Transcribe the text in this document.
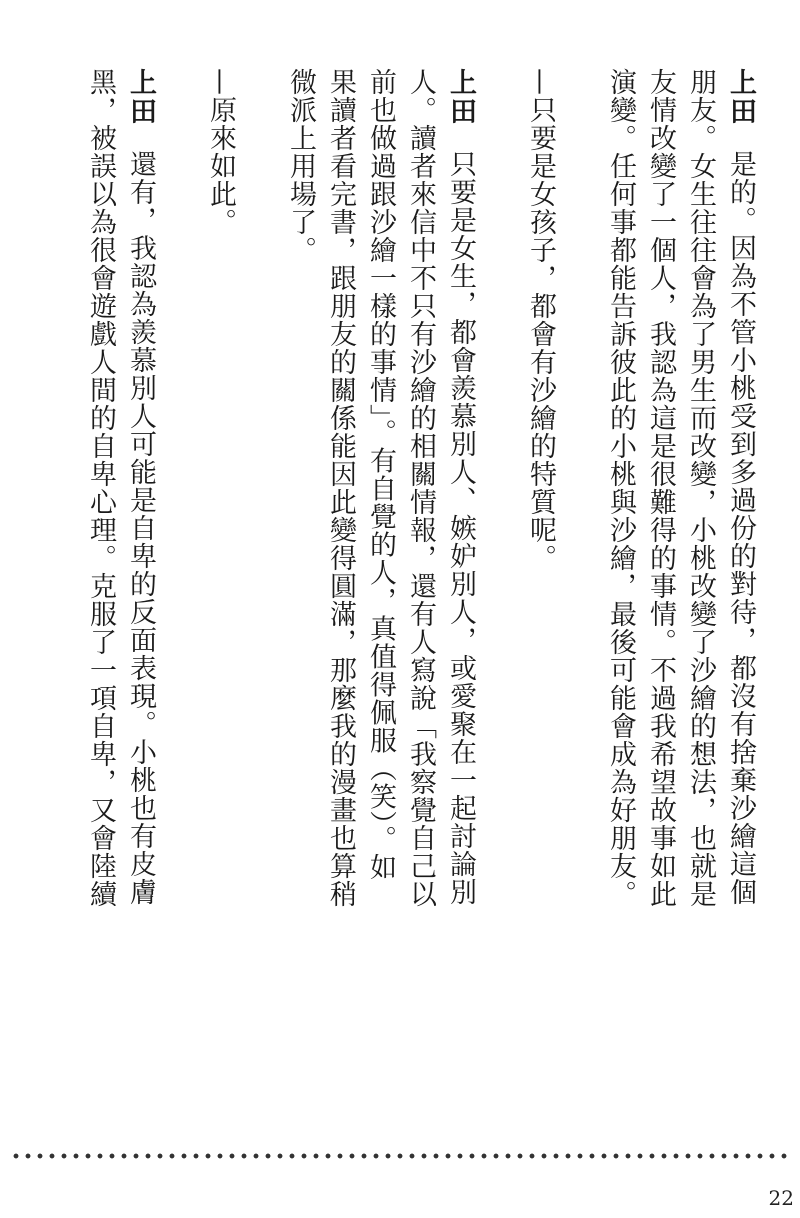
上田是的。因為不管小桃受到多過份的對待，都沒有捨棄沙繪這個
朋友。女生往往會為了男生而改變，小桃改變了沙繪的想法，也就是
友情改變了一個人，我認為這是很難得的事情。不過我希望故事如此
演變。任何事都能告訴彼此的小桃與沙繪，最後可能會成為好朋友。
—只要是女孩子，都會有沙繪的特質呢。
上田只要是女生，都會羨慕別人、嫉妒別人，或愛聚在一起討論別
人。讀者來信中不只有沙繪的相關情報，還有人寫說「我察覺自己以
前也做過跟沙繪一樣的事情」。有自覺的人，真值得佩服（笑）。如
果讀者看完書，跟朋友的關係能因此變得圓滿，那麼我的漫畫也算稍
微派上用場了。
—原來如此。
上田還有，我認為羨慕別人可能是自卑的反面表現。小桃也有皮膚
黑，被誤以為很會遊戲人間的自卑心理。克服了一項自卑，又會陸續
22
